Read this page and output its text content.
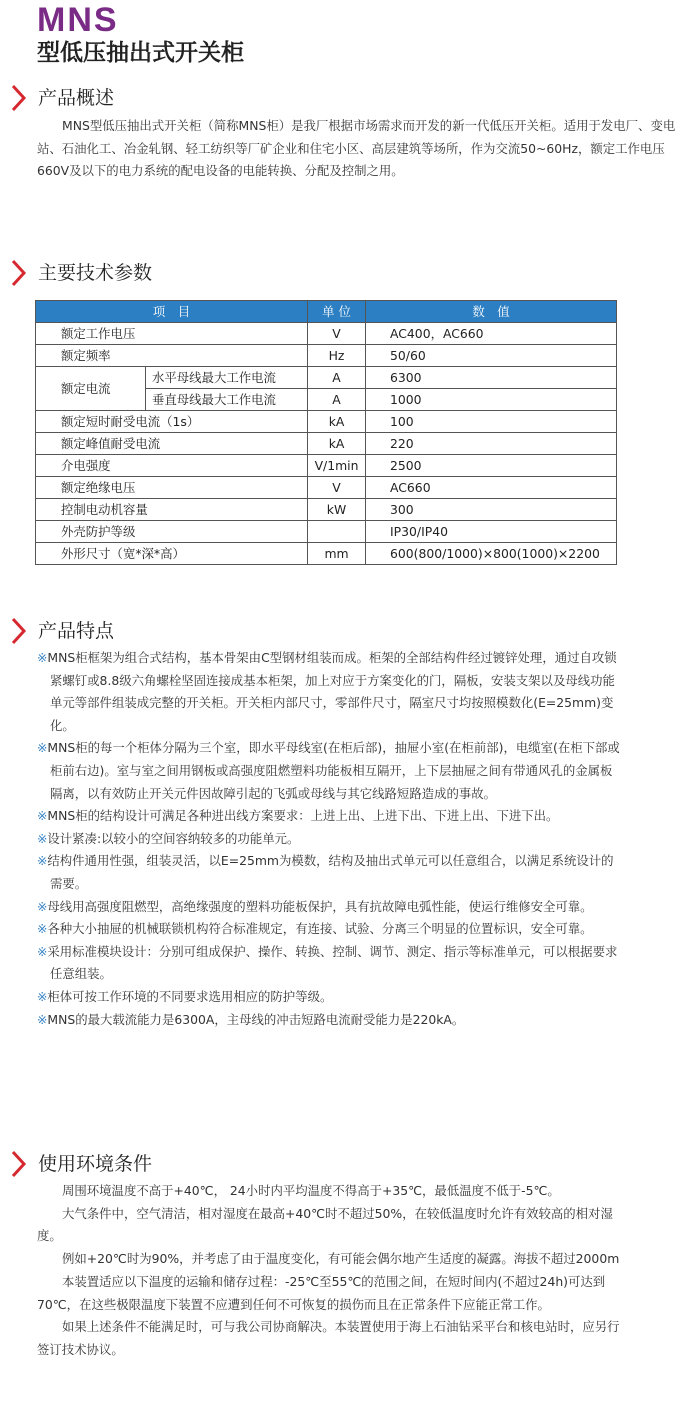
MNS
型低压抽出式开关柜
产品概述

MNS型低压抽出式开关柜（简称MNS柜）是我厂根据市场需求而开发的新一代低压开关柜。适用于发电厂、变电站、石油化工、冶金轧钢、轻工纺织等厂矿企业和住宅小区、高层建筑等场所，作为交流50~60Hz，额定工作电压660V及以下的电力系统的配电设备的电能转换、分配及控制之用。

主要技术参数
项　目		单 位	数　值
额定工作电压		V	AC400，AC660
额定频率		Hz	50/60
额定电流	水平母线最大工作电流	A	6300
	垂直母线最大工作电流	A	1000
额定短时耐受电流（1s）		kA	100
额定峰值耐受电流		kA	220
介电强度		V/1min	2500
额定绝缘电压		V	AC660
控制电动机容量		kW	300
外壳防护等级			IP30/IP40
外形尺寸（宽*深*高）		mm	600(800/1000)×800(1000)×2200
产品特点
※MNS柜框架为组合式结构，基本骨架由C型钢材组装而成。柜架的全部结构件经过镀锌处理，通过自攻锁紧螺钉或8.8级六角螺栓坚固连接成基本柜架，加上对应于方案变化的门，隔板，安装支架以及母线功能单元等部件组装成完整的开关柜。开关柜内部尺寸，零部件尺寸，隔室尺寸均按照模数化(E=25mm)变化。
※MNS柜的每一个柜体分隔为三个室，即水平母线室(在柜后部)，抽屉小室(在柜前部)，电缆室(在柜下部或柜前右边)。室与室之间用钢板或高强度阻燃塑料功能板相互隔开，上下层抽屉之间有带通风孔的金属板隔离，以有效防止开关元件因故障引起的飞弧或母线与其它线路短路造成的事故。
※MNS柜的结构设计可满足各种进出线方案要求：上进上出、上进下出、下进上出、下进下出。
※设计紧凑:以较小的空间容纳较多的功能单元。
※结构件通用性强，组装灵活，以E=25mm为模数，结构及抽出式单元可以任意组合，以满足系统设计的需要。
※母线用高强度阻燃型，高绝缘强度的塑料功能板保护，具有抗故障电弧性能，使运行维修安全可靠。
※各种大小抽屉的机械联锁机构符合标准规定，有连接、试验、分离三个明显的位置标识，安全可靠。
※采用标准模块设计：分别可组成保护、操作、转换、控制、调节、测定、指示等标准单元，可以根据要求任意组装。
※柜体可按工作环境的不同要求选用相应的防护等级。
※MNS的最大载流能力是6300A，主母线的冲击短路电流耐受能力是220kA。
使用环境条件

周围环境温度不高于+40℃， 24小时内平均温度不得高于+35℃，最低温度不低于-5℃。

大气条件中，空气清洁，相对湿度在最高+40℃时不超过50%，在较低温度时允许有效较高的相对湿度。

例如+20℃时为90%，并考虑了由于温度变化，有可能会偶尔地产生适度的凝露。海拔不超过2000m

本装置适应以下温度的运输和储存过程：-25℃至55℃的范围之间，在短时间内(不超过24h)可达到70℃，在这些极限温度下装置不应遭到任何不可恢复的损伤而且在正常条件下应能正常工作。

如果上述条件不能满足时，可与我公司协商解决。本装置使用于海上石油钻采平台和核电站时，应另行签订技术协议。
